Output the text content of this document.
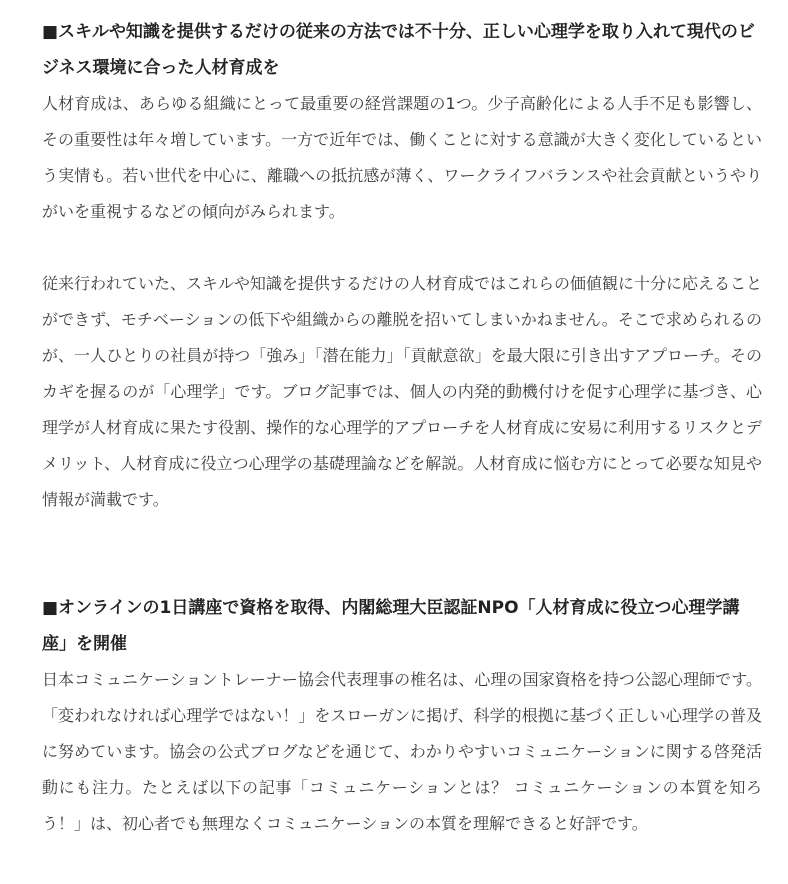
■スキルや知識を提供するだけの従来の方法では不十分、正しい心理学を取り入れて現代のビジネス環境に合った人材育成を

人材育成は、あらゆる組織にとって最重要の経営課題の1つ。少子高齢化による人手不足も影響し、その重要性は年々増しています。一方で近年では、働くことに対する意識が大きく変化しているという実情も。若い世代を中心に、離職への抵抗感が薄く、ワークライフバランスや社会貢献というやりがいを重視するなどの傾向がみられます。

従来行われていた、スキルや知識を提供するだけの人材育成ではこれらの価値観に十分に応えることができず、モチベーションの低下や組織からの離脱を招いてしまいかねません。そこで求められるのが、一人ひとりの社員が持つ「強み」「潜在能力」「貢献意欲」を最大限に引き出すアプローチ。そのカギを握るのが「心理学」です。ブログ記事では、個人の内発的動機付けを促す心理学に基づき、心理学が人材育成に果たす役割、操作的な心理学的アプローチを人材育成に安易に利用するリスクとデメリット、人材育成に役立つ心理学の基礎理論などを解説。人材育成に悩む方にとって必要な知見や情報が満載です。

■オンラインの1日講座で資格を取得、内閣総理大臣認証NPO「人材育成に役立つ心理学講座」を開催

日本コミュニケーショントレーナー協会代表理事の椎名は、心理の国家資格を持つ公認心理師です。「変われなければ心理学ではない！」をスローガンに掲げ、科学的根拠に基づく正しい心理学の普及に努めています。協会の公式ブログなどを通じて、わかりやすいコミュニケーションに関する啓発活動にも注力。たとえば以下の記事「コミュニケーションとは？ コミュニケーションの本質を知ろう！」は、初心者でも無理なくコミュニケーションの本質を理解できると好評です。
